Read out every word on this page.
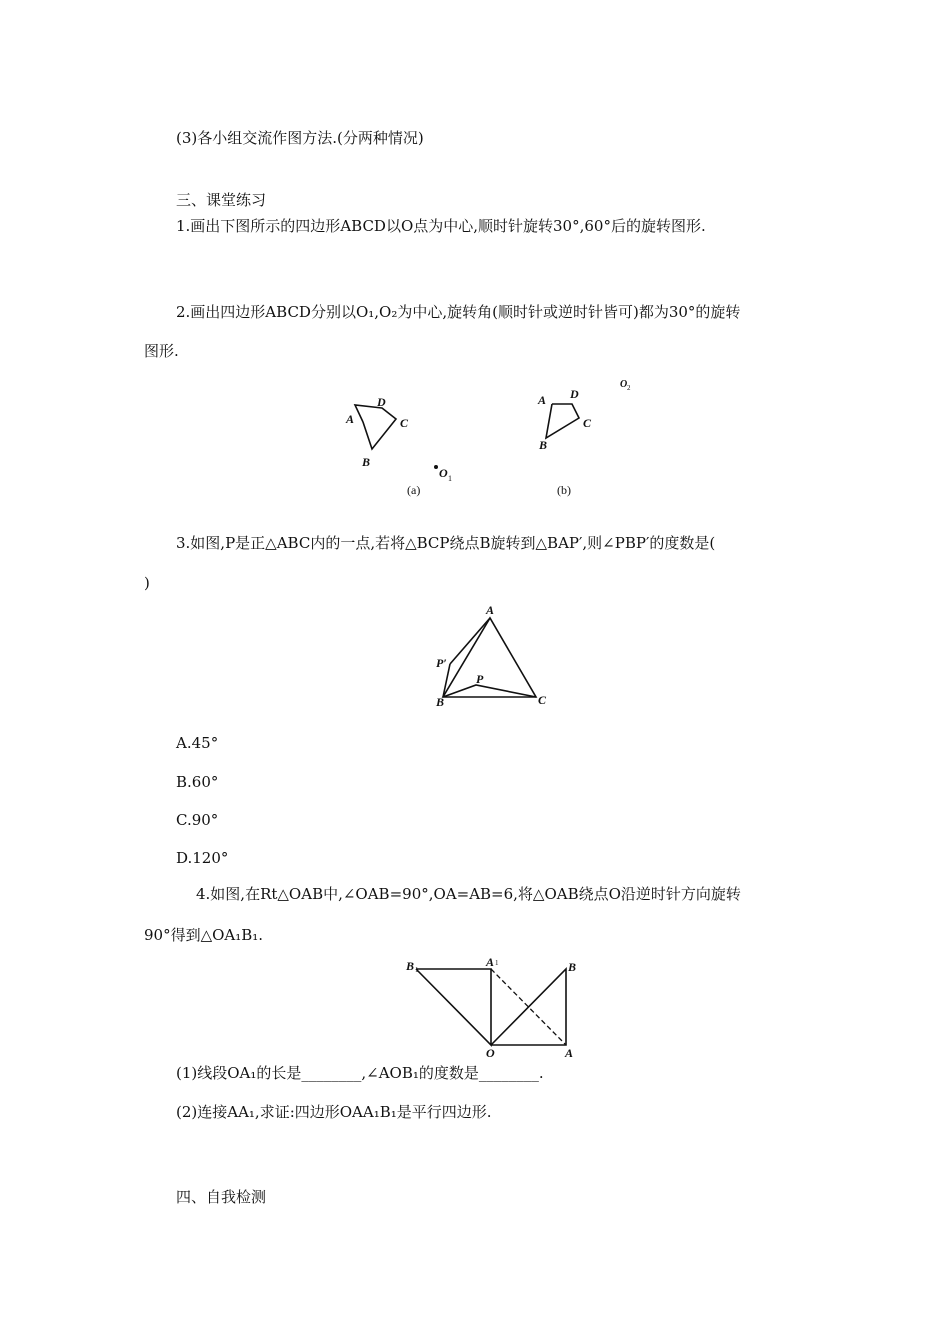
(3)各小组交流作图方法.(分两种情况)
三、课堂练习
1.画出下图所示的四边形ABCD以O点为中心,顺时针旋转30°,60°后的旋转图形.
2.画出四边形ABCD分别以O₁,O₂为中心,旋转角(顺时针或逆时针皆可)都为30°的旋转
图形.
A
D
C
B
O 1
(a)
A D
C
B
O 2
(b)
3.如图,P是正△ABC内的一点,若将△BCP绕点B旋转到△BAP′,则∠PBP′的度数是(
)
A
B	C
P
P′
A.45°
B.60°
C.90°
D.120°
4.如图,在Rt△OAB中,∠OAB=90°,OA=AB=6,将△OAB绕点O沿逆时针方向旋转
90°得到△OA₁B₁.
B 1
A 1	B
O	A
(1)线段OA₁的长是________,∠AOB₁的度数是________.
(2)连接AA₁,求证:四边形OAA₁B₁是平行四边形.
四、自我检测
